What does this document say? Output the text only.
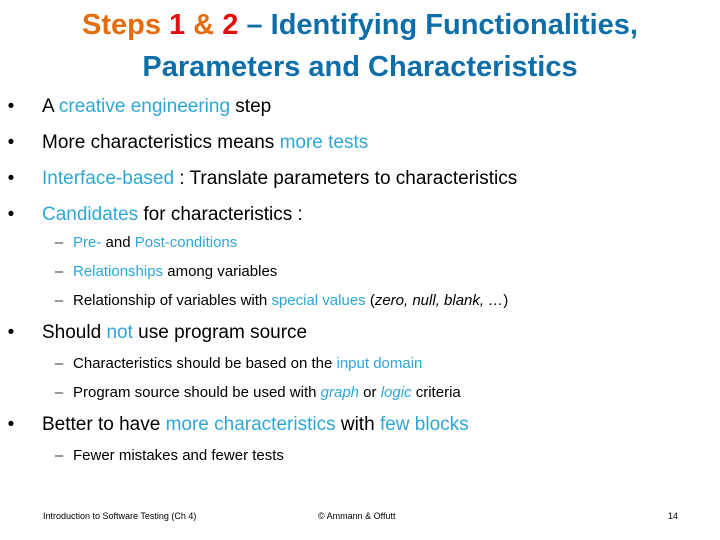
Steps 1 & 2 – Identifying Functionalities,
Parameters and Characteristics
• A creative engineering step
• More characteristics means more tests
• Interface-based : Translate parameters to characteristics
• Candidates for characteristics :
– Pre- and Post-conditions
– Relationships among variables
– Relationship of variables with special values (zero, null, blank, …)
• Should not use program source
– Characteristics should be based on the input domain
– Program source should be used with graph or logic criteria
• Better to have more characteristics with few blocks
– Fewer mistakes and fewer tests
Introduction to Software Testing (Ch 4)	© Ammann & Offutt	14
